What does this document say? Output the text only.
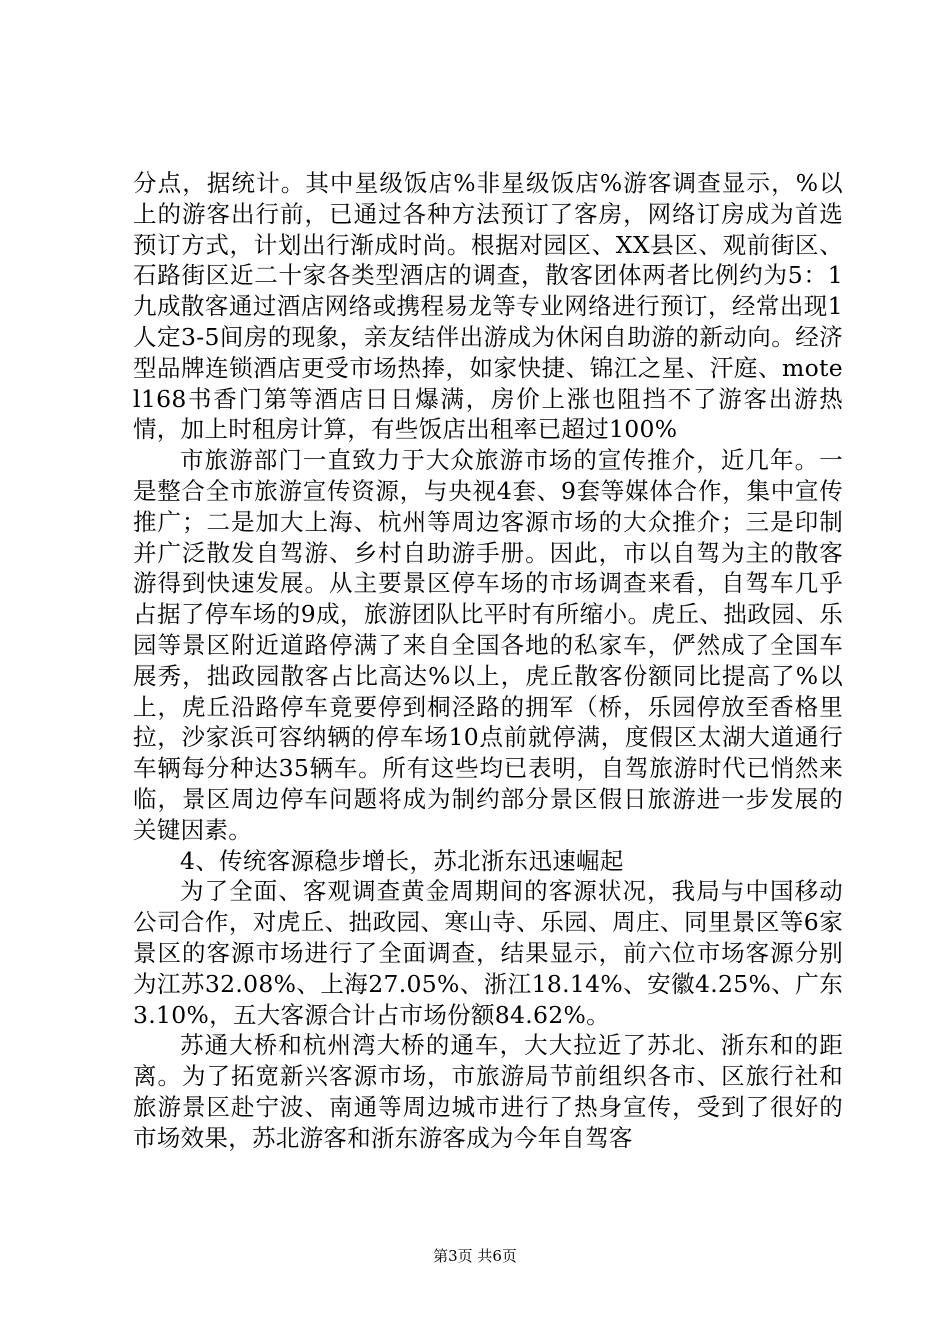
分点，据统计。其中星级饭店%非星级饭店%游客调查显示，%以上的游客出行前，已通过各种方法预订了客房，网络订房成为首选预订方式，计划出行渐成时尚。根据对园区、XX县区、观前街区、石路街区近二十家各类型酒店的调查，散客团体两者比例约为5：1九成散客通过酒店网络或携程易龙等专业网络进行预订，经常出现1人定3-5间房的现象，亲友结伴出游成为休闲自助游的新动向。经济型品牌连锁酒店更受市场热捧，如家快捷、锦江之星、汗庭、motel168书香门第等酒店日日爆满，房价上涨也阻挡不了游客出游热情，加上时租房计算，有些饭店出租率已超过100%

市旅游部门一直致力于大众旅游市场的宣传推介，近几年。一是整合全市旅游宣传资源，与央视4套、9套等媒体合作，集中宣传推广；二是加大上海、杭州等周边客源市场的大众推介；三是印制并广泛散发自驾游、乡村自助游手册。因此，市以自驾为主的散客游得到快速发展。从主要景区停车场的市场调查来看，自驾车几乎占据了停车场的9成，旅游团队比平时有所缩小。虎丘、拙政园、乐园等景区附近道路停满了来自全国各地的私家车，俨然成了全国车展秀，拙政园散客占比高达%以上，虎丘散客份额同比提高了%以上，虎丘沿路停车竟要停到桐泾路的拥军（桥，乐园停放至香格里拉，沙家浜可容纳辆的停车场10点前就停满，度假区太湖大道通行车辆每分种达35辆车。所有这些均已表明，自驾旅游时代已悄然来临，景区周边停车问题将成为制约部分景区假日旅游进一步发展的关键因素。

4、传统客源稳步增长，苏北浙东迅速崛起

为了全面、客观调查黄金周期间的客源状况，我局与中国移动公司合作，对虎丘、拙政园、寒山寺、乐园、周庄、同里景区等6家景区的客源市场进行了全面调查，结果显示，前六位市场客源分别为江苏32.08%、上海27.05%、浙江18.14%、安徽4.25%、广东3.10%，五大客源合计占市场份额84.62%。

苏通大桥和杭州湾大桥的通车，大大拉近了苏北、浙东和的距离。为了拓宽新兴客源市场，市旅游局节前组织各市、区旅行社和旅游景区赴宁波、南通等周边城市进行了热身宣传，受到了很好的市场效果，苏北游客和浙东游客成为今年自驾客

第3页 共6页
